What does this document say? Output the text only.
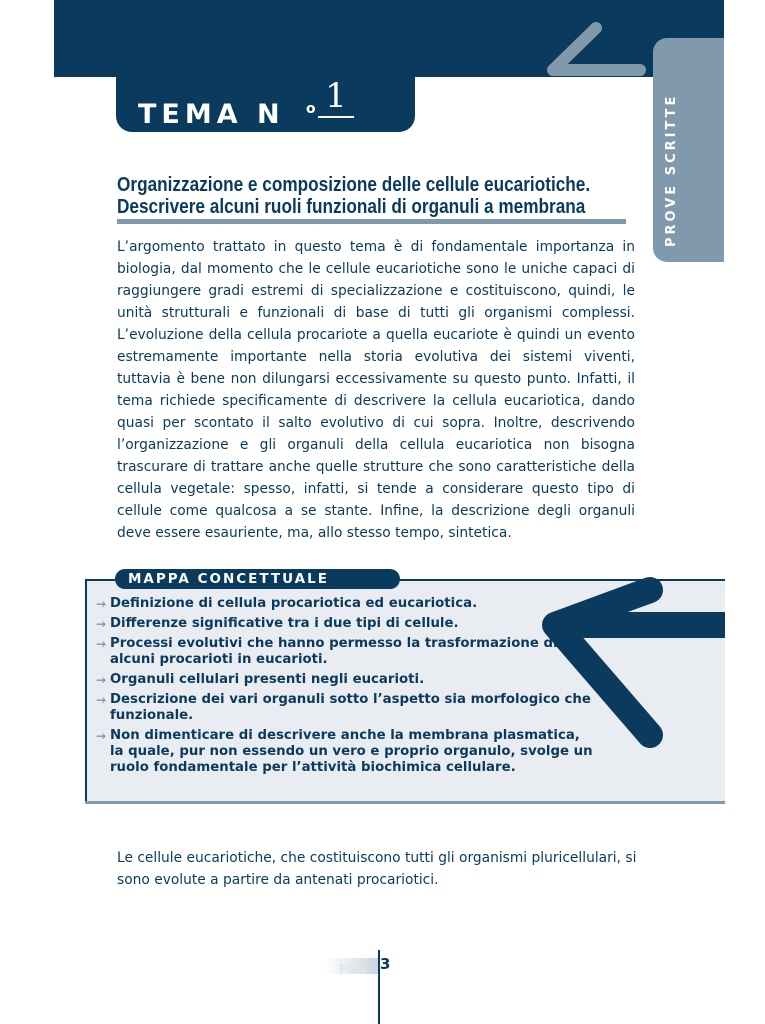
TEMA N o 1	PROVE SCRITTE
Organizzazione e composizione delle cellule eucariotiche.
Descrivere alcuni ruoli funzionali di organuli a membrana

L’argomento trattato in questo tema è di fondamentale importanza in biologia, dal momento che le cellule eucariotiche sono le uniche capaci di raggiungere gradi estremi di specializzazione e costituiscono, quindi, le unità strutturali e funzionali di base di tutti gli organismi complessi. L’evoluzione della cellula procariote a quella eucariote è quindi un evento estremamente importante nella storia evolutiva dei sistemi viventi, tuttavia è bene non dilungarsi eccessivamente su questo punto. Infatti, il tema richiede specificamente di descrivere la cellula eucariotica, dando quasi per scontato il salto evolutivo di cui sopra. Inoltre, descrivendo l’organizzazione e gli organuli della cellula eucariotica non bisogna trascurare di trattare anche quelle strutture che sono caratteristiche della cellula vegetale: spesso, infatti, si tende a considerare questo tipo di cellule come qualcosa a se stante. Infine, la descrizione degli organuli deve essere esauriente, ma, allo stesso tempo, sintetica.

MAPPA CONCETTUALE
→ Definizione di cellula procariotica ed eucariotica.
→ Differenze significative tra i due tipi di cellule.
→ Processi evolutivi che hanno permesso la trasformazione di alcuni procarioti in eucarioti.
→ Organuli cellulari presenti negli eucarioti.
→ Descrizione dei vari organuli sotto l’aspetto sia morfologico che funzionale.
→ Non dimenticare di descrivere anche la membrana plasmatica, la quale, pur non essendo un vero e proprio organulo, svolge un ruolo fondamentale per l’attività biochimica cellulare.

Le cellule eucariotiche, che costituiscono tutti gli organismi pluricellulari, si sono evolute a partire da antenati procariotici.

PAG 3
